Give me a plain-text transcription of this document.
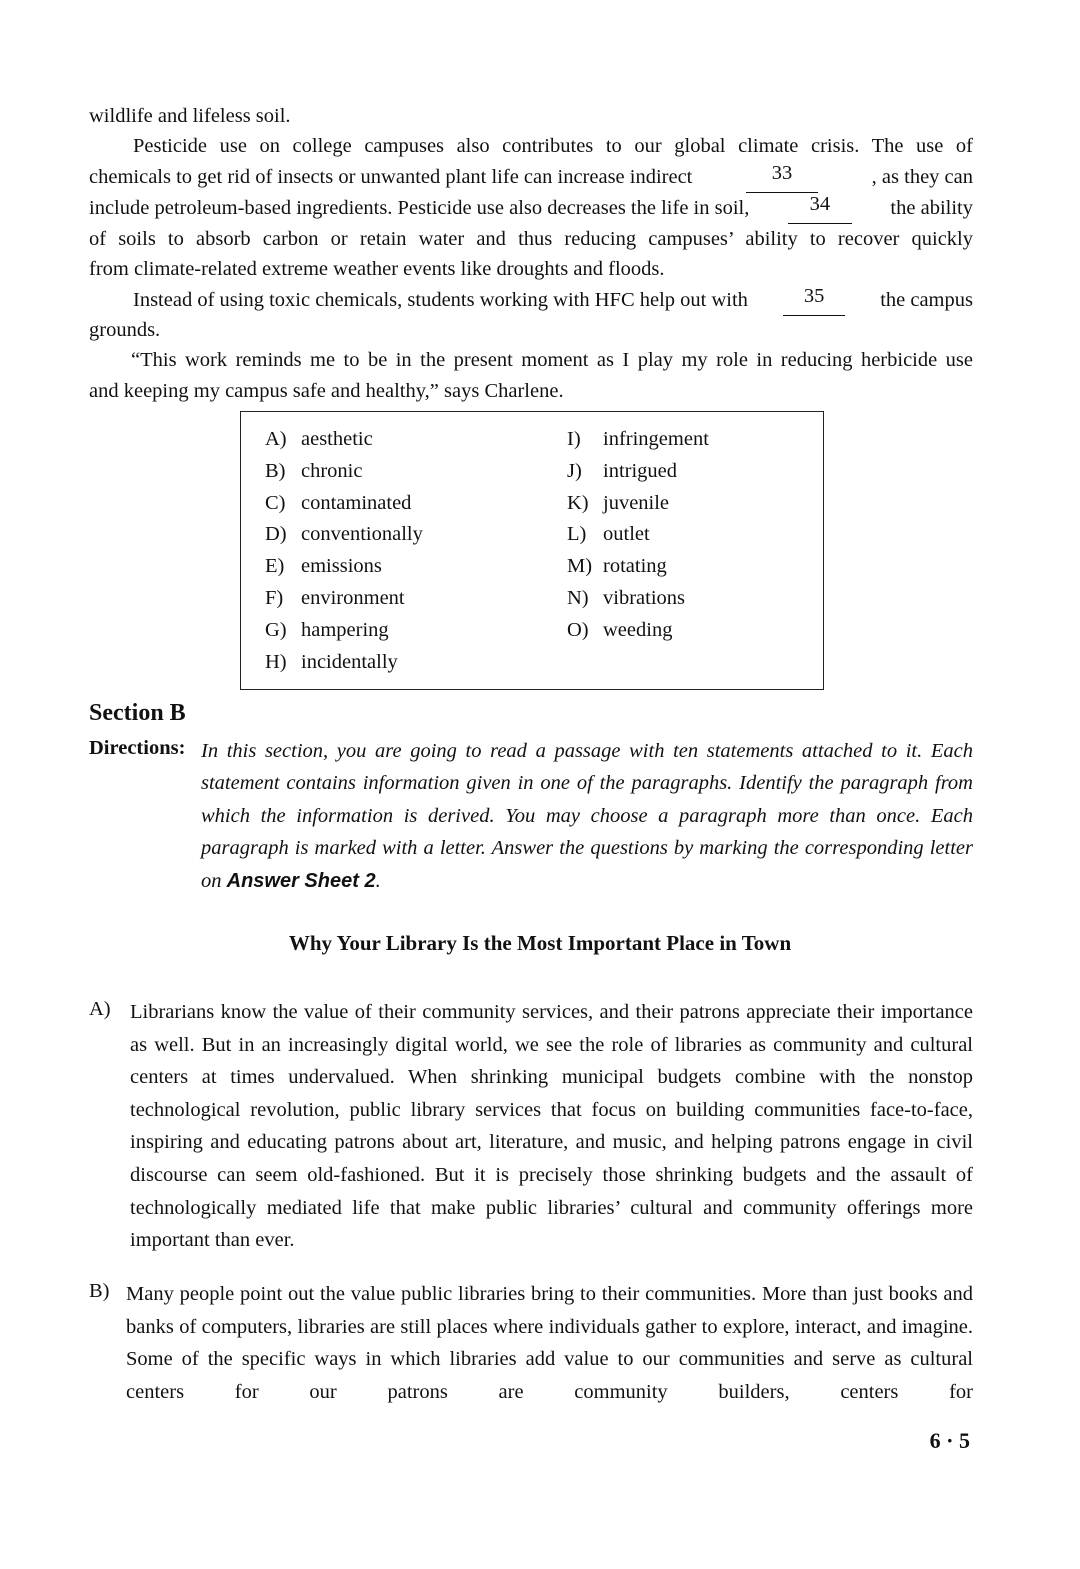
wildlife and lifeless soil.
Pesticide use on college campuses also contributes to our global climate crisis. The use of
chemicals to get rid of insects or unwanted plant life can increase indirect	33	, as they can
include petroleum-based ingredients. Pesticide use also decreases the life in soil,	34	the ability
of soils to absorb carbon or retain water and thus reducing campuses’ ability to recover quickly
from climate-related extreme weather events like droughts and floods.
Instead of using toxic chemicals, students working with HFC help out with	35	the campus
grounds.
“This work reminds me to be in the present moment as I play my role in reducing herbicide use
and keeping my campus safe and healthy,” says Charlene.
A) aesthetic
B) chronic
C) contaminated
D) conventionally
E) emissions
F) environment
G) hampering
H) incidentally
I) infringement
J) intrigued
K) juvenile
L) outlet
M) rotating
N) vibrations
O) weeding
Section B
Directions: In this section, you are going to read a passage with ten statements attached to it. Each statement contains information given in one of the paragraphs. Identify the paragraph from which the information is derived. You may choose a paragraph more than once. Each paragraph is marked with a letter. Answer the questions by marking the corresponding letter on Answer Sheet 2.
Why Your Library Is the Most Important Place in Town
A) Librarians know the value of their community services, and their patrons appreciate their importance as well. But in an increasingly digital world, we see the role of libraries as community and cultural centers at times undervalued. When shrinking municipal budgets combine with the nonstop technological revolution, public library services that focus on building communities face-to-face, inspiring and educating patrons about art, literature, and music, and helping patrons engage in civil discourse can seem old-fashioned. But it is precisely those shrinking budgets and the assault of technologically mediated life that make public libraries’ cultural and community offerings more important than ever.
B) Many people point out the value public libraries bring to their communities. More than just books and banks of computers, libraries are still places where individuals gather to explore, interact, and imagine. Some of the specific ways in which libraries add value to our communities and serve as cultural centers for our patrons are community builders, centers for
6 · 5
